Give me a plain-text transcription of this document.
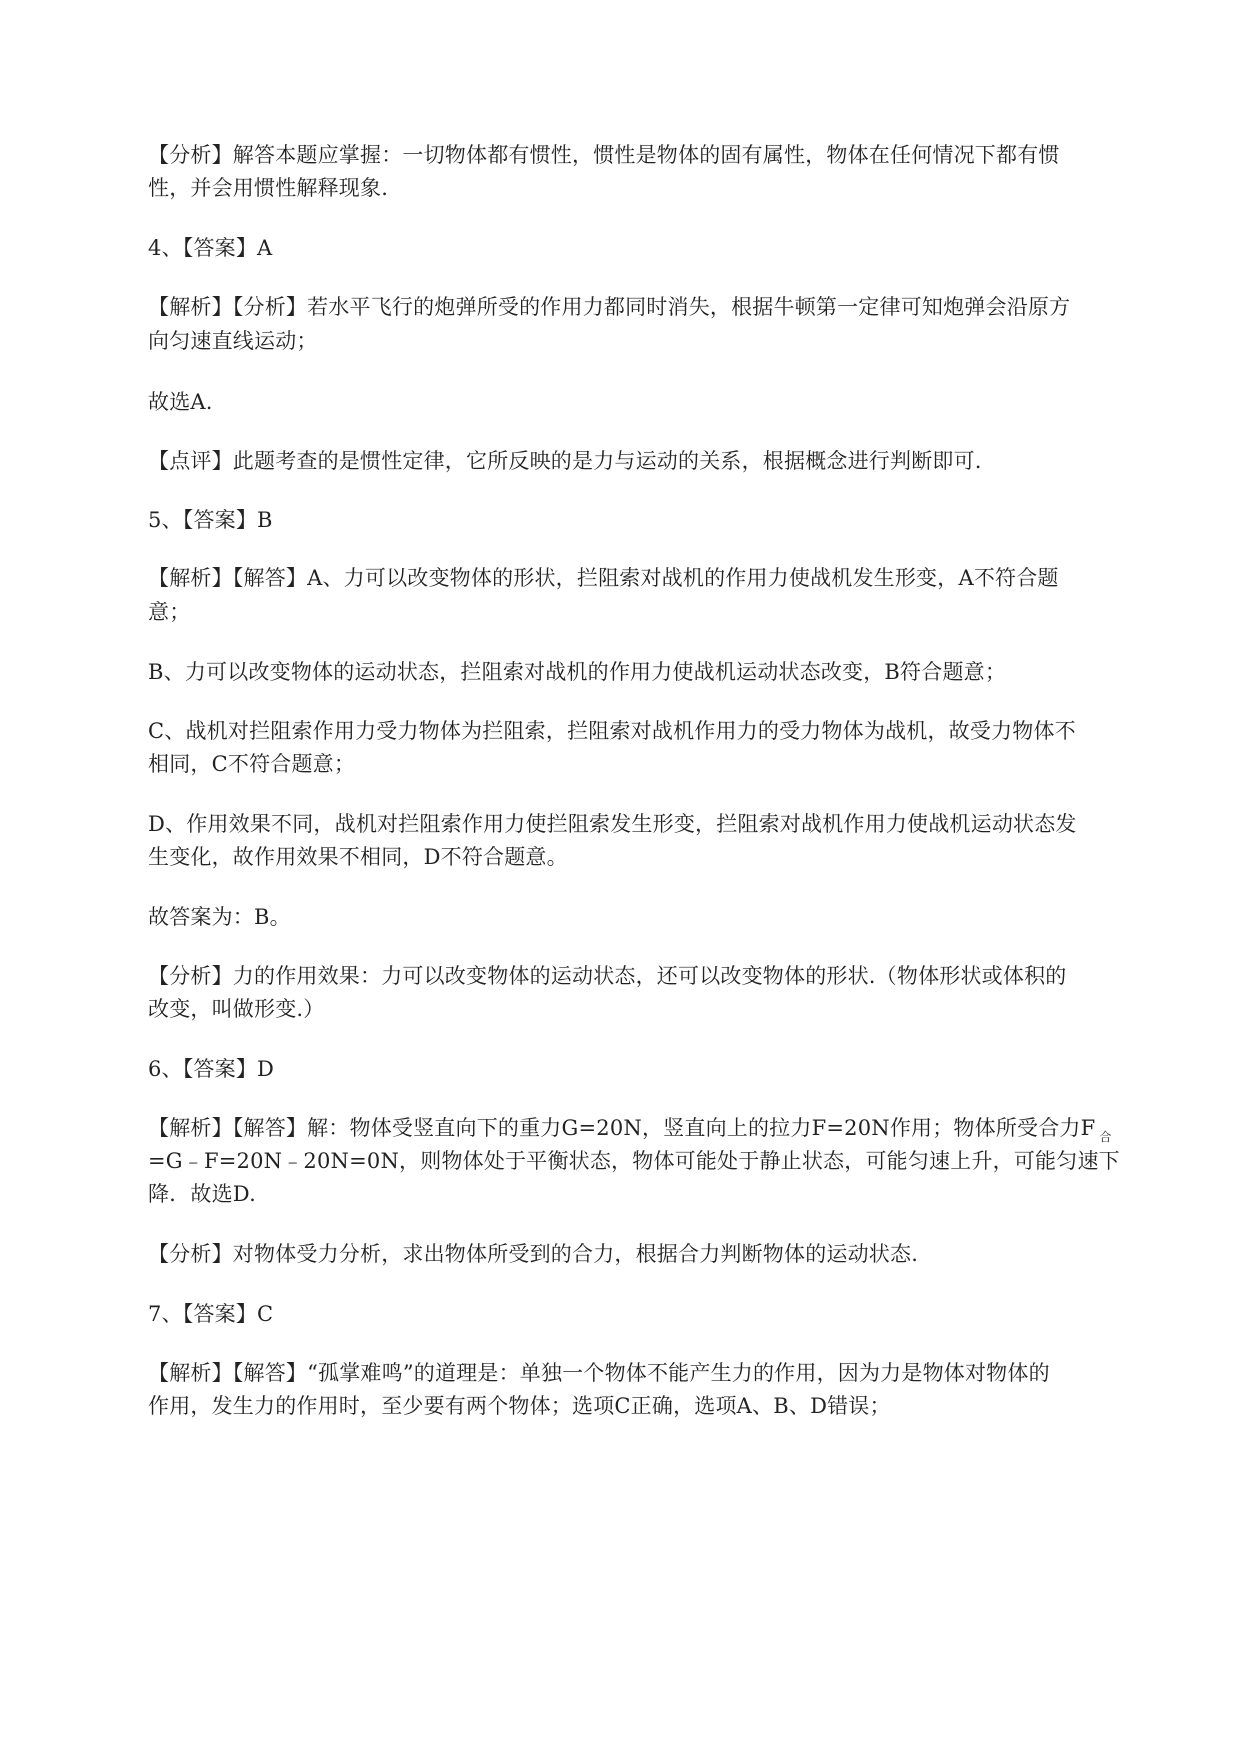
【分析】解答本题应掌握：一切物体都有惯性，惯性是物体的固有属性，物体在任何情况下都有惯
性，并会用惯性解释现象.
4、【答案】A
【解析】【分析】若水平飞行的炮弹所受的作用力都同时消失，根据牛顿第一定律可知炮弹会沿原方
向匀速直线运动；
故选A.
【点评】此题考查的是惯性定律，它所反映的是力与运动的关系，根据概念进行判断即可.
5、【答案】B
【解析】【解答】A、力可以改变物体的形状，拦阻索对战机的作用力使战机发生形变，A不符合题
意；
B、力可以改变物体的运动状态，拦阻索对战机的作用力使战机运动状态改变，B符合题意；
C、战机对拦阻索作用力受力物体为拦阻索，拦阻索对战机作用力的受力物体为战机，故受力物体不
相同，C不符合题意；
D、作用效果不同，战机对拦阻索作用力使拦阻索发生形变，拦阻索对战机作用力使战机运动状态发
生变化，故作用效果不相同，D不符合题意。
故答案为：B。
【分析】力的作用效果：力可以改变物体的运动状态，还可以改变物体的形状.（物体形状或体积的
改变，叫做形变.）
6、【答案】D
【解析】【解答】解：物体受竖直向下的重力G=20N，竖直向上的拉力F=20N作用；物体所受合力F $_合$
=G﹣F=20N﹣20N=0N，则物体处于平衡状态，物体可能处于静止状态，可能匀速上升，可能匀速下
降．故选D.
【分析】对物体受力分析，求出物体所受到的合力，根据合力判断物体的运动状态.
7、【答案】C
【解析】【解答】“孤掌难鸣”的道理是：单独一个物体不能产生力的作用，因为力是物体对物体的
作用，发生力的作用时，至少要有两个物体；选项C正确，选项A、B、D错误；
